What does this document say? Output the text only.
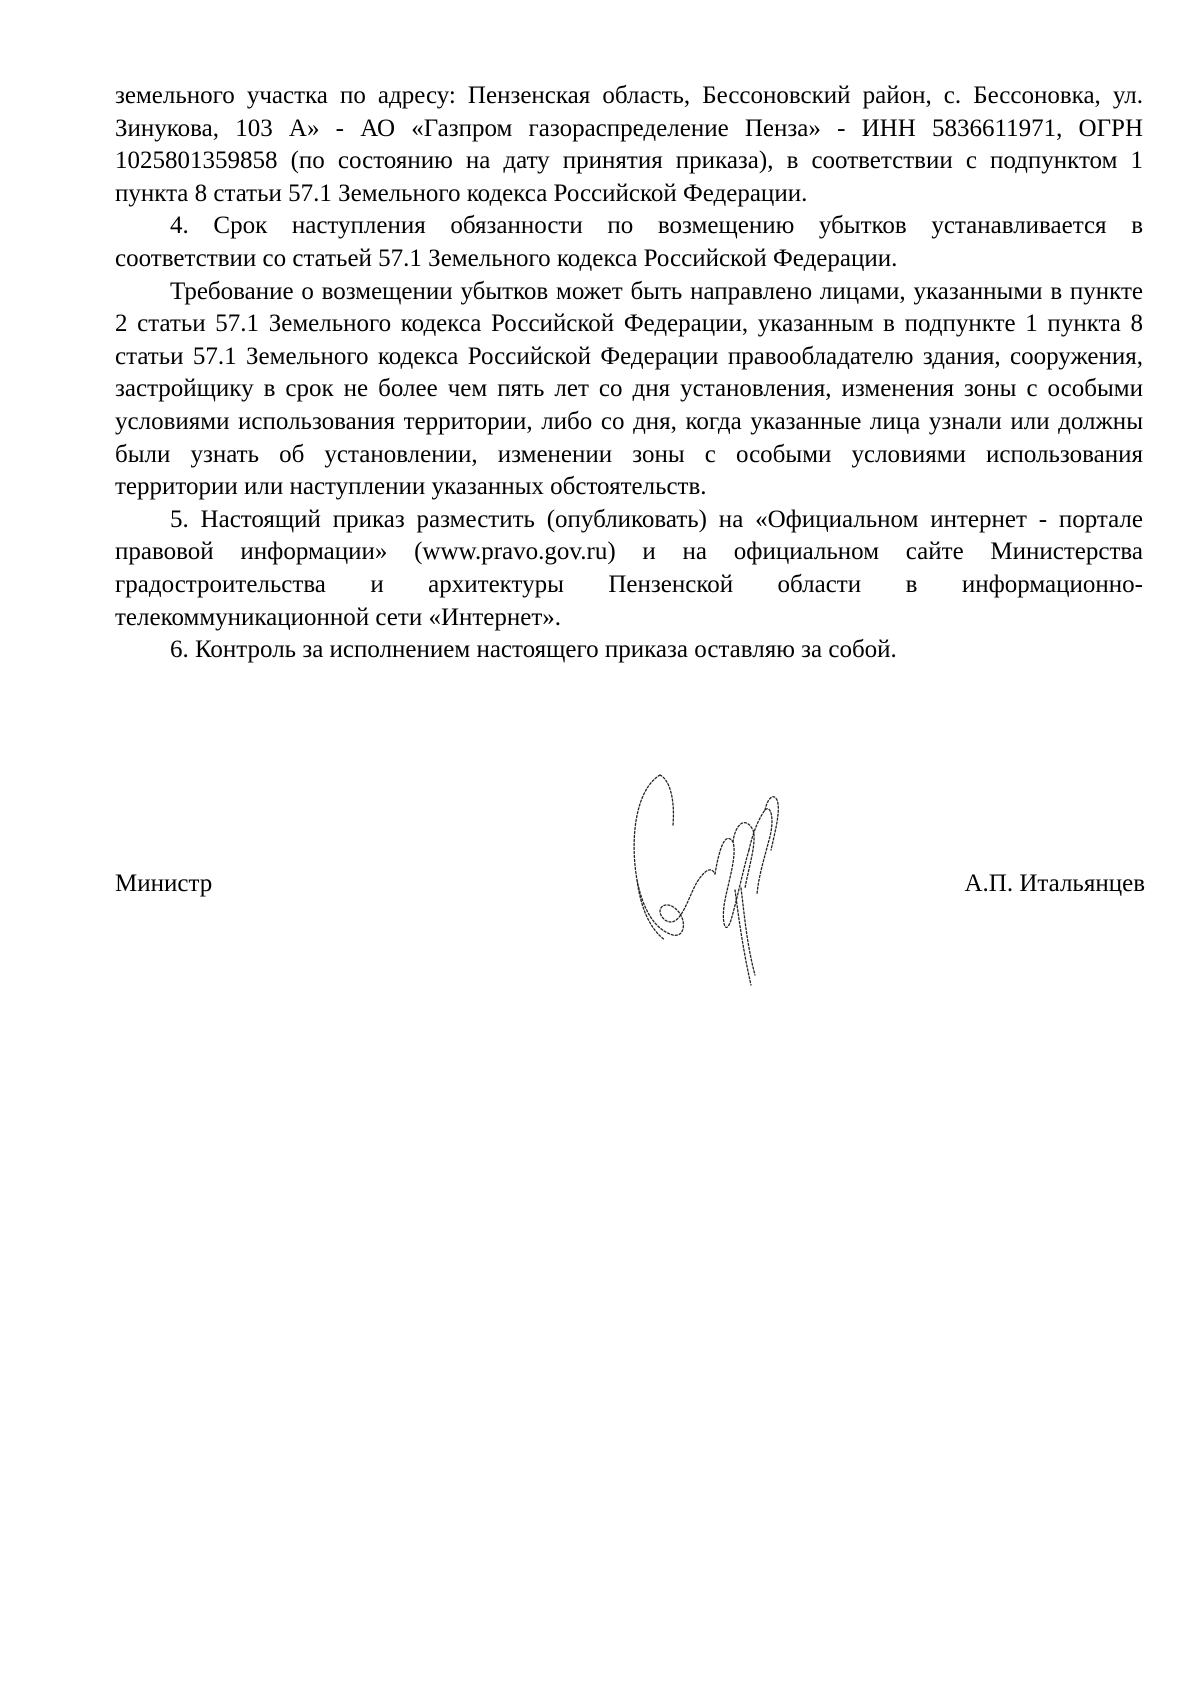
земельного участка по адресу: Пензенская область, Бессоновский район, с. Бессоновка, ул. Зинукова, 103 А» - АО «Газпром газораспределение Пенза» - ИНН 5836611971, ОГРН 1025801359858 (по состоянию на дату принятия приказа), в соответствии с подпунктом 1 пункта 8 статьи 57.1 Земельного кодекса Российской Федерации.

4. Срок наступления обязанности по возмещению убытков устанавливается в соответствии со статьей 57.1 Земельного кодекса Российской Федерации.

Требование о возмещении убытков может быть направлено лицами, указанными в пункте 2 статьи 57.1 Земельного кодекса Российской Федерации, указанным в подпункте 1 пункта 8 статьи 57.1 Земельного кодекса Российской Федерации правообладателю здания, сооружения, застройщику в срок не более чем пять лет со дня установления, изменения зоны с особыми условиями использования территории, либо со дня, когда указанные лица узнали или должны были узнать об установлении, изменении зоны с особыми условиями использования территории или наступлении указанных обстоятельств.

5. Настоящий приказ разместить (опубликовать) на «Официальном интернет - портале правовой информации» (www.pravo.gov.ru) и на официальном сайте Министерства градостроительства и архитектуры Пензенской области в информационно-телекоммуникационной сети «Интернет».

6. Контроль за исполнением настоящего приказа оставляю за собой.

Министр	А.П. Итальянцев
